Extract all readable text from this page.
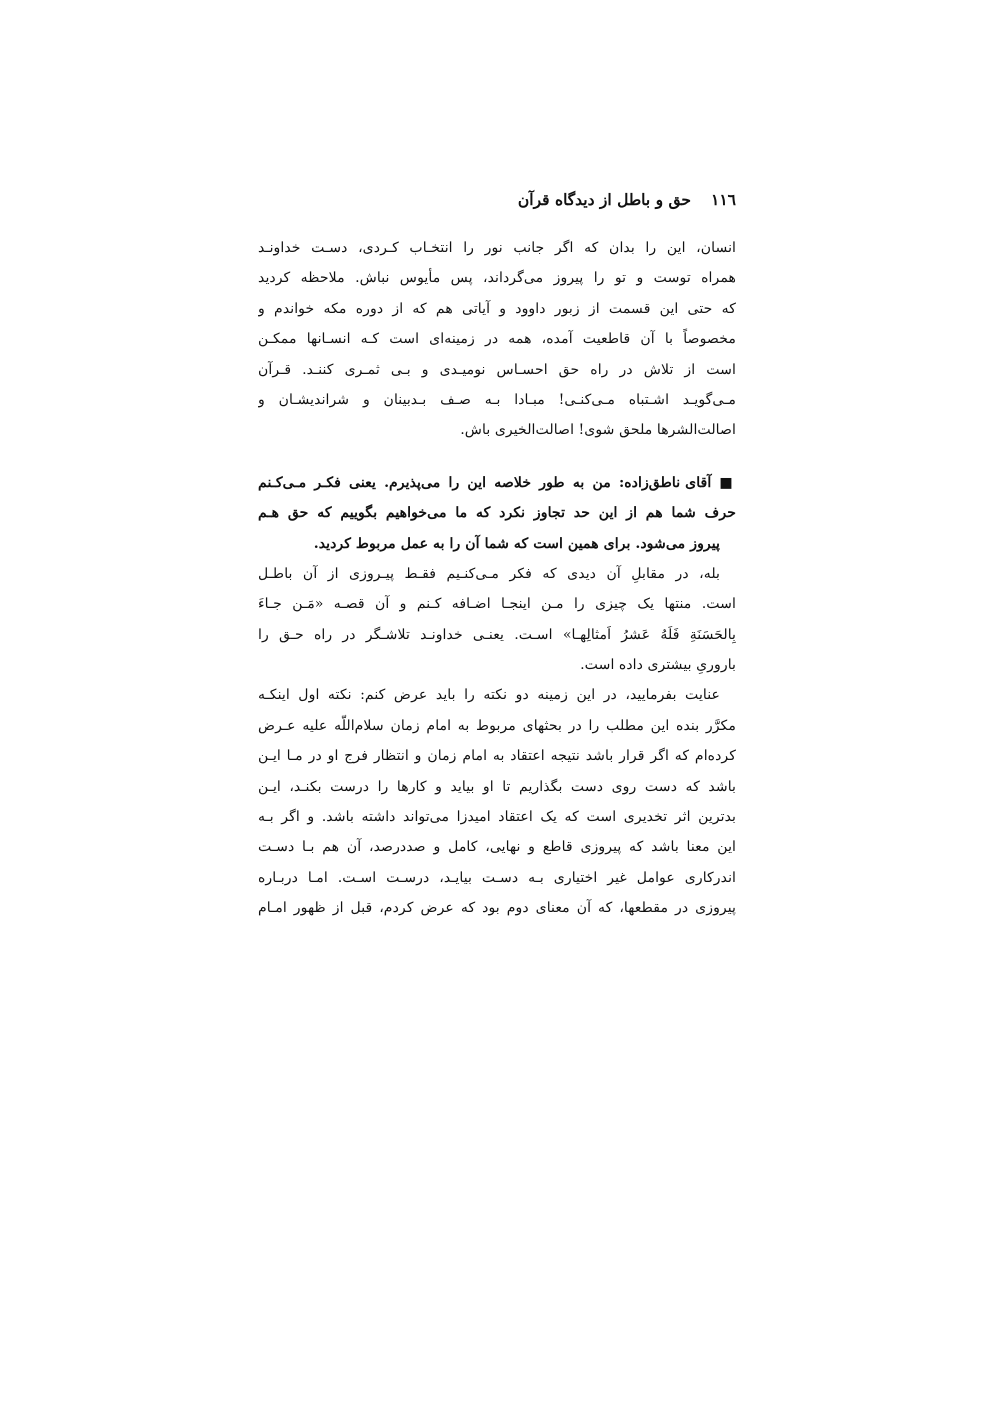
۱۱٦حق و باطل از دیدگاه قرآن
انسان، این را بدان که اگر جانب نور را انتخـاب کـردی، دسـت خداونـد
همراه توست و تو را پیروز می‌گرداند، پس مأیوس نباش. ملاحظه کردید
که حتی این قسمت از زبور داوود و آیاتی هم که از دوره مکه خواندم و
مخصوصاً با آن قاطعیت آمده، همه در زمینه‌ای است کـه انسـانها ممکـن
است از تلاش در راه حق احسـاس نومیـدی و بـی ثمـری کننـد. قـرآن
مـی‌گویـد اشـتباه مـی‌کنـی! مبـادا بـه صـف بـدبینان و شراندیشـان و
اصالت‌الشرها ملحق شوی! اصالت‌الخیری باش.
■ آقای ناطق‌زاده: من به طور خلاصه این را می‌پذیرم. یعنی فکـر مـی‌کـنم
حرف شما هم از این حد تجاوز نکرد که ما می‌خواهیم بگوییم که حق هـم
پیروز می‌شود. برای همین است که شما آن را به عمل مربوط کردید.
بله، در مقابلِ آن دیدی که فکر مـی‌کنـیم فقـط پیـروزی از آن باطـل
است. منتها یک چیزی را مـن اینجـا اضـافه کـنم و آن قصـه «مَـن جـاءَ
بِالحَسَنَةِ فَلَهُ عَشرُ اَمثالِهـا» اسـت. یعنـی خداونـد تلاشـگر در راه حـق را
باروریِ بیشتری داده است.
عنایت بفرمایید، در این زمینه دو نکته را باید عرض کنم: نکته اول اینکـه
مکرَّر بنده این مطلب را در بحثهای مربوط به امام زمان سلام‌اللّه علیه عـرض
کرده‌ام که اگر قرار باشد نتیجه اعتقاد به امام زمان و انتظار فرج او در مـا ایـن
باشد که دست روی دست بگذاریم تا او بیاید و کارها را درست بکنـد، ایـن
بدترین اثر تخدیری است که یک اعتقاد امیدزا می‌تواند داشته باشد. و اگر بـه
این معنا باشد که پیروزی قاطع و نهایی، کامل و صددرصد، آن هم بـا دسـت
اندرکاری عوامل غیر اختیاری بـه دسـت بیایـد، درسـت اسـت. امـا دربـاره
پیروزی در مقطعها، که آن معنای دوم بود که عرض کردم، قبل از ظهور امـام
